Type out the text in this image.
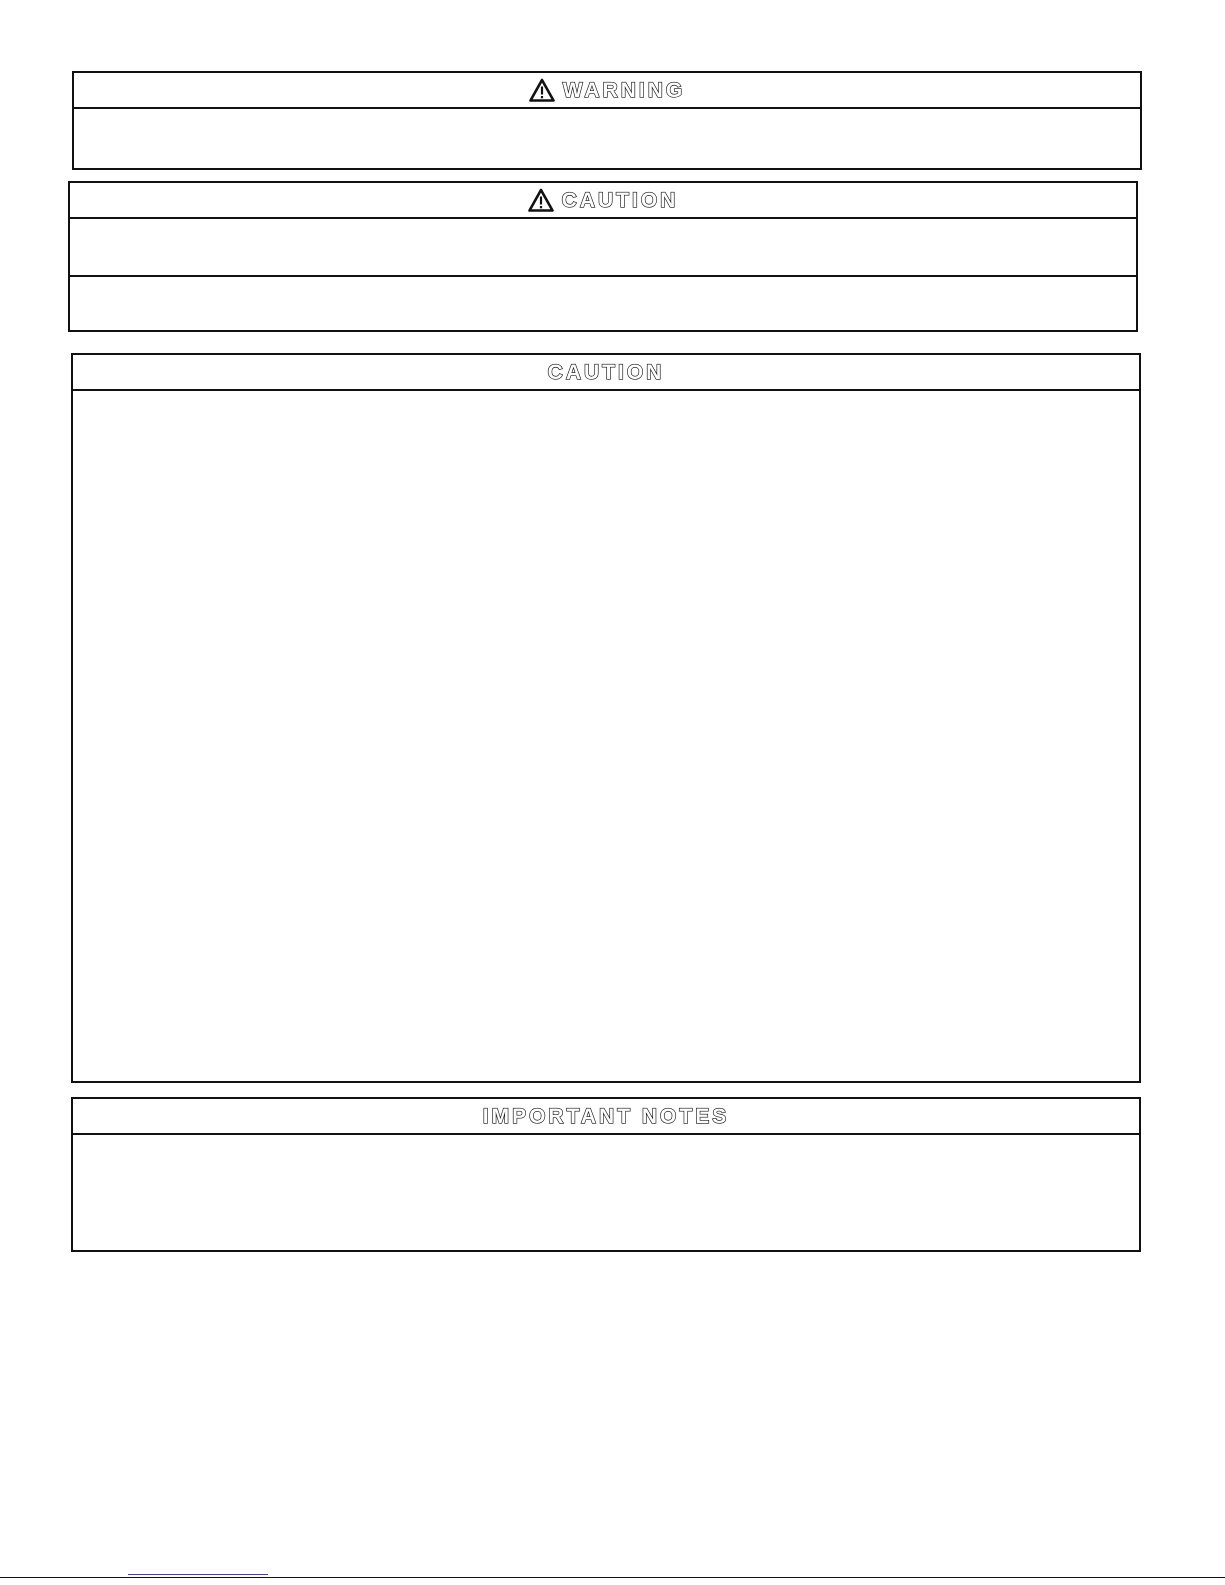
WARNING
CAUTION
CAUTION
IMPORTANT NOTES
